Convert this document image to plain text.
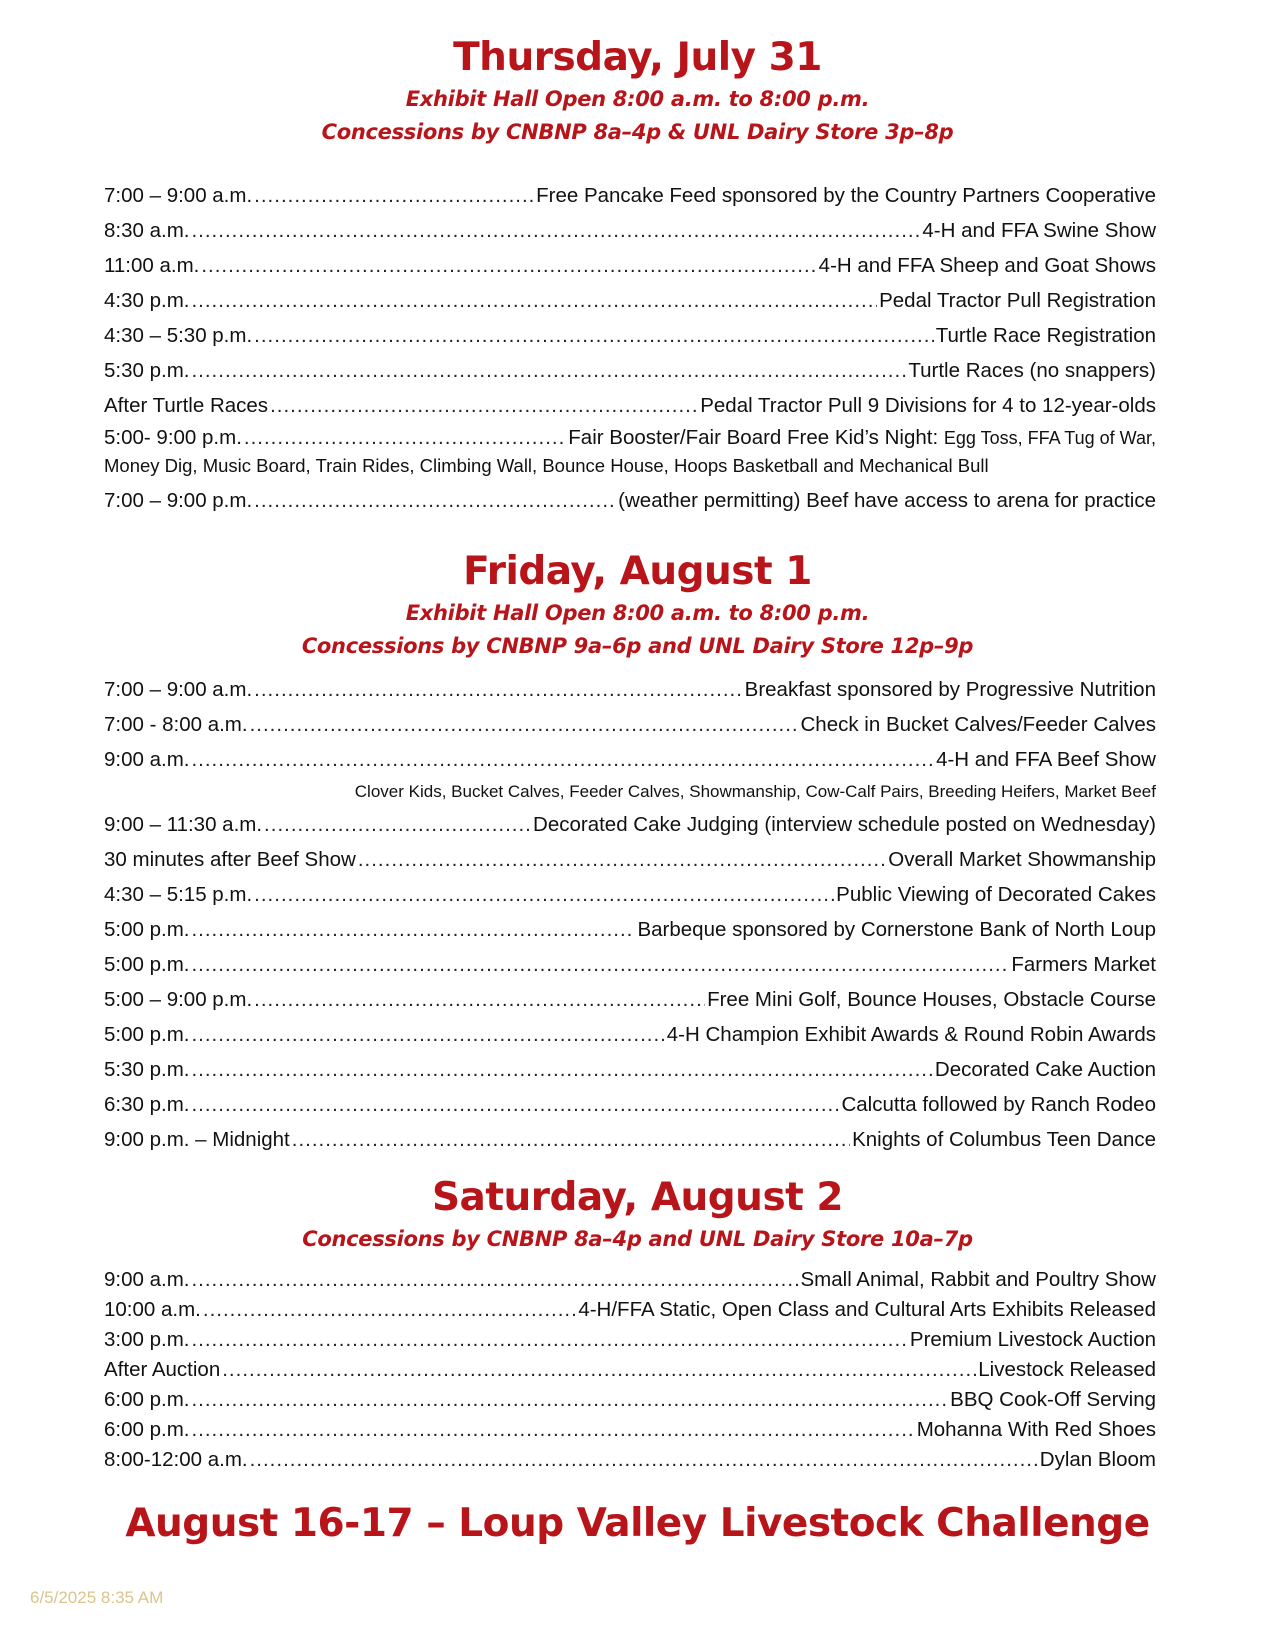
Thursday, July 31

Exhibit Hall Open 8:00 a.m. to 8:00 p.m.

Concessions by CNBNP 8a–4p & UNL Dairy Store 3p–8p

7:00 – 9:00 a.m. .....	Free Pancake Feed sponsored by the Country Partners Cooperative
8:30 a.m. .....	4-H and FFA Swine Show
11:00 a.m. .....	4-H and FFA Sheep and Goat Shows
4:30 p.m. .....	Pedal Tractor Pull Registration
4:30 – 5:30 p.m. .....	Turtle Race Registration
5:30 p.m. .....	Turtle Races (no snappers)
After Turtle Races .....	Pedal Tractor Pull 9 Divisions for 4 to 12-year-olds
5:00- 9:00 p.m. .....	Fair Booster/Fair Board Free Kid’s Night:
Egg Toss, FFA Tug of War,
Money Dig, Music Board, Train Rides, Climbing Wall, Bounce House, Hoops Basketball and Mechanical Bull
7:00 – 9:00 p.m. .....	(weather permitting) Beef have access to arena for practice
Friday, August 1

Exhibit Hall Open 8:00 a.m. to 8:00 p.m.

Concessions by CNBNP 9a–6p and UNL Dairy Store 12p–9p

7:00 – 9:00 a.m. .....	Breakfast sponsored by Progressive Nutrition
7:00 - 8:00 a.m. .....	Check in Bucket Calves/Feeder Calves
9:00 a.m. .....	4-H and FFA Beef Show
Clover Kids, Bucket Calves, Feeder Calves, Showmanship, Cow-Calf Pairs, Breeding Heifers, Market Beef
9:00 – 11:30 a.m. .....	Decorated Cake Judging (interview schedule posted on Wednesday)
30 minutes after Beef Show .....	Overall Market Showmanship
4:30 – 5:15 p.m. .....	Public Viewing of Decorated Cakes
5:00 p.m. .....	Barbeque sponsored by Cornerstone Bank of North Loup
5:00 p.m. .....	Farmers Market
5:00 – 9:00 p.m. .....	Free Mini Golf, Bounce Houses, Obstacle Course
5:00 p.m. .....	4-H Champion Exhibit Awards & Round Robin Awards
5:30 p.m. .....	Decorated Cake Auction
6:30 p.m. .....	Calcutta followed by Ranch Rodeo
9:00 p.m. – Midnight .....	Knights of Columbus Teen Dance
Saturday, August 2

Concessions by CNBNP 8a–4p and UNL Dairy Store 10a–7p

9:00 a.m. .....	Small Animal, Rabbit and Poultry Show
10:00 a.m. .....	4-H/FFA Static, Open Class and Cultural Arts Exhibits Released
3:00 p.m. .....	Premium Livestock Auction
After Auction .....	Livestock Released
6:00 p.m. .....	BBQ Cook-Off Serving
6:00 p.m. .....	Mohanna With Red Shoes
8:00-12:00 a.m. .....	Dylan Bloom
August 16-17 – Loup Valley Livestock Challenge
6/5/2025 8:35 AM
